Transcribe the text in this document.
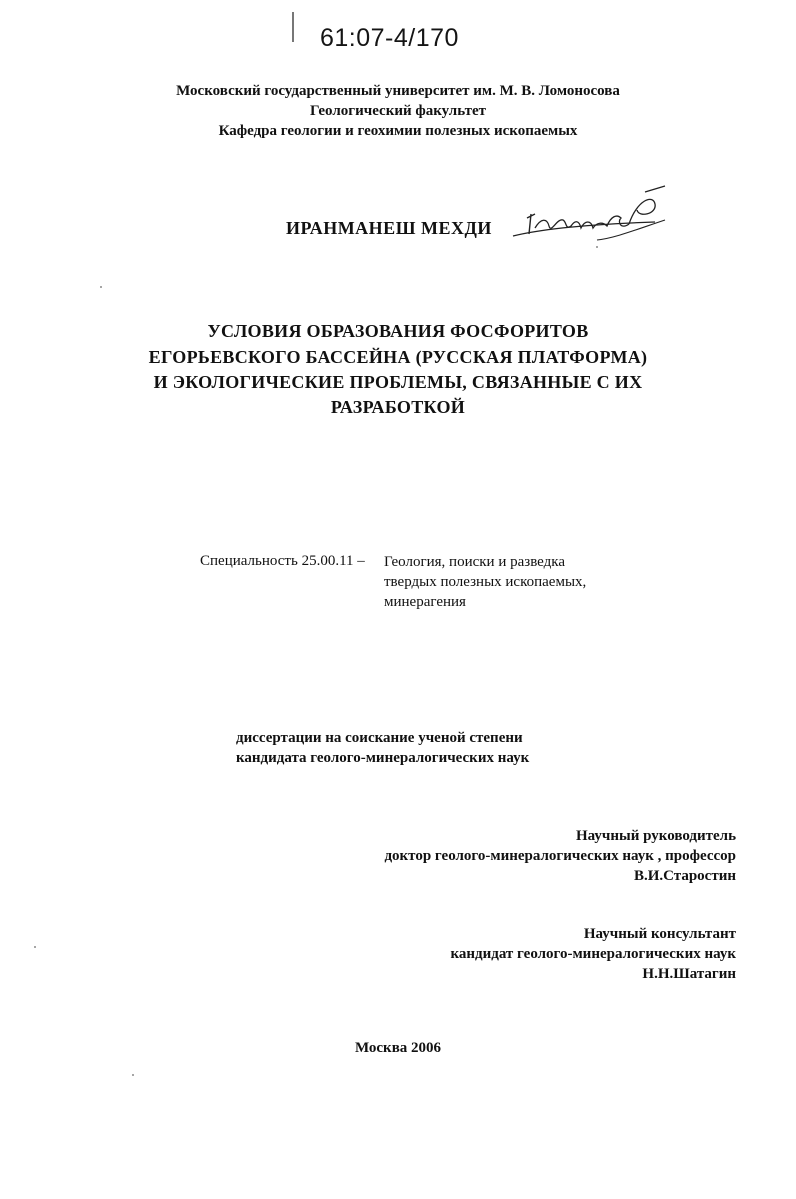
61:07-4/170

Московский государственный университет им. М. В. Ломоносова

Геологический факультет

Кафедра геологии и геохимии полезных ископаемых

ИРАНМАНЕШ МЕХДИ

УСЛОВИЯ ОБРАЗОВАНИЯ ФОСФОРИТОВ

ЕГОРЬЕВСКОГО БАССЕЙНА (РУССКАЯ ПЛАТФОРМА)

И ЭКОЛОГИЧЕСКИЕ ПРОБЛЕМЫ, СВЯЗАННЫЕ С ИХ

РАЗРАБОТКОЙ

Специальность 25.00.11 – Геология, поиски и разведка
твердых полезных ископаемых,
минерагения
диссертации на соискание ученой степени
кандидата геолого-минералогических наук
Научный руководитель
доктор геолого-минералогических наук , профессор
В.И.Старостин
Научный консультант
кандидат геолого-минералогических наук
Н.Н.Шатагин
Москва 2006
